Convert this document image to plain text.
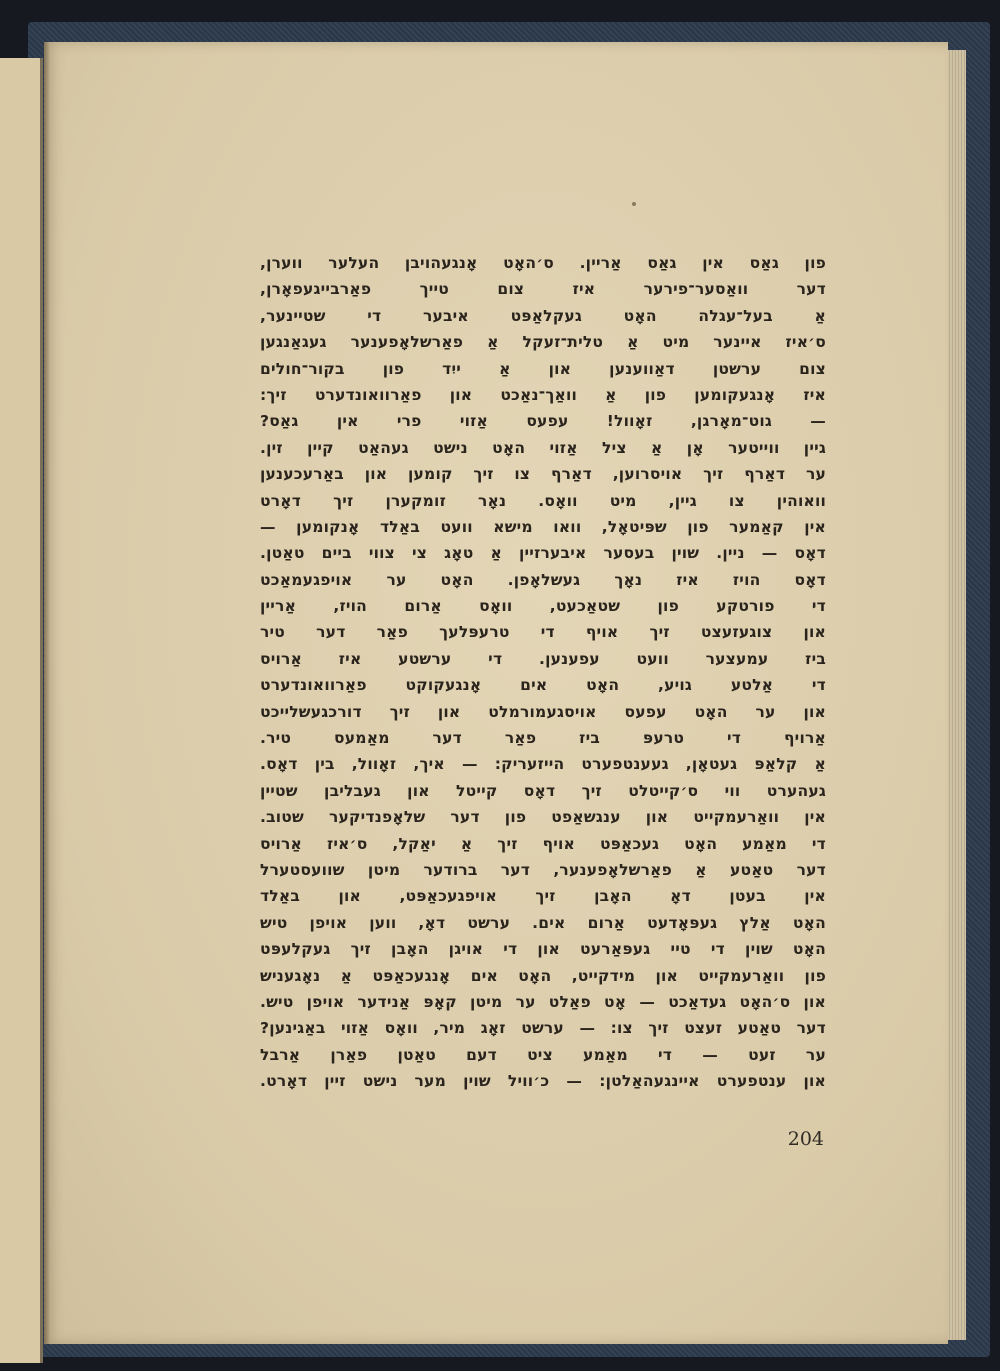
פון גאַס אין גאַס אַריין. ס׳האָט אָנגעהויבן העלער ווערן,
דער וואַסער־פירער איז צום טייך פאַרבייגעפאָרן,
אַ בעל־עגלה האָט געקלאַפּט איבער די שטיינער,
ס׳איז איינער מיט אַ טלית־זעקל אַ פאַרשלאָפענער געגאַנגען
צום ערשטן דאַווענען און אַ ייִד פון בקור־חולים
איז אָנגעקומען פון אַ וואַך־נאַכט און פאַרוואונדערט זיך:
— גוט־מאָרגן, זאָוול! עפעס אַזוי פרי אין גאַס?
גיין ווייטער אָן אַ ציל אַזוי האָט נישט געהאַט קיין זין.
ער דאַרף זיך אויסרוען, דאַרף צו זיך קומען און באַרעכענען
וואוהין צו גיין, מיט וואָס. נאָר זומקערן זיך דאָרט
אין קאַמער פון שפּיטאָל, וואו מישא וועט באַלד אָנקומען —
דאָס — ניין. שוין בעסער איבערזיין אַ טאָג צי צווי ביים טאַטן.
דאָס הויז איז נאָך געשלאָפן. האָט ער אויפגעמאַכט
די פורטקע פון שטאַכעט, וואָס אַרום הויז, אַריין
און צוגעזעצט זיך אויף די טרעפּלעך פאַר דער טיר
ביז עמעצער וועט עפענען. די ערשטע איז אַרויס
די אַלטע גויע, האָט אים אָנגעקוקט פאַרוואונדערט
און ער האָט עפעס אויסגעמורמלט און זיך דורכגעשלייכט
אַרויף די טרעפּ ביז פאַר דער מאַמעס טיר.
אַ קלאַפּ געטאָן, געענטפערט הייזעריק: — איך, זאָוול, בין דאָס.
געהערט ווי ס׳קייטלט זיך דאָס קייטל און געבליבן שטיין
אין וואַרעמקייט און ענגשאַפט פון דער שלאָפנדיקער שטוב.
די מאַמע האָט געכאַפּט אויף זיך אַ יאַקל, ס׳איז אַרויס
דער טאַטע אַ פאַרשלאָפענער, דער ברודער מיטן שוועסטערל
אין בעטן דאָ האָבן זיך אויפגעכאַפּט, און באַלד
האָט אַלץ געפּאָדעט אַרום אים. ערשט דאָ, ווען אויפן טיש
האָט שוין די טיי געפּאַרעט און די אויגן האָבן זיך געקלעפּט
פון וואַרעמקייט און מידקייט, האָט אים אָנגעכאַפּט אַ נאָגעניש
און ס׳האָט געדאַכט — אָט פאַלט ער מיטן קאָפּ אַנידער אויפן טיש.
דער טאַטע זעצט זיך צו: — ערשט זאָג מיר, וואָס אַזוי באַגינען?
ער זעט — די מאַמע ציט דעם טאַטן פאַרן אַרבל
און ענטפערט איינגעהאַלטן: — כ׳וויל שוין מער נישט זיין דאָרט.
204
